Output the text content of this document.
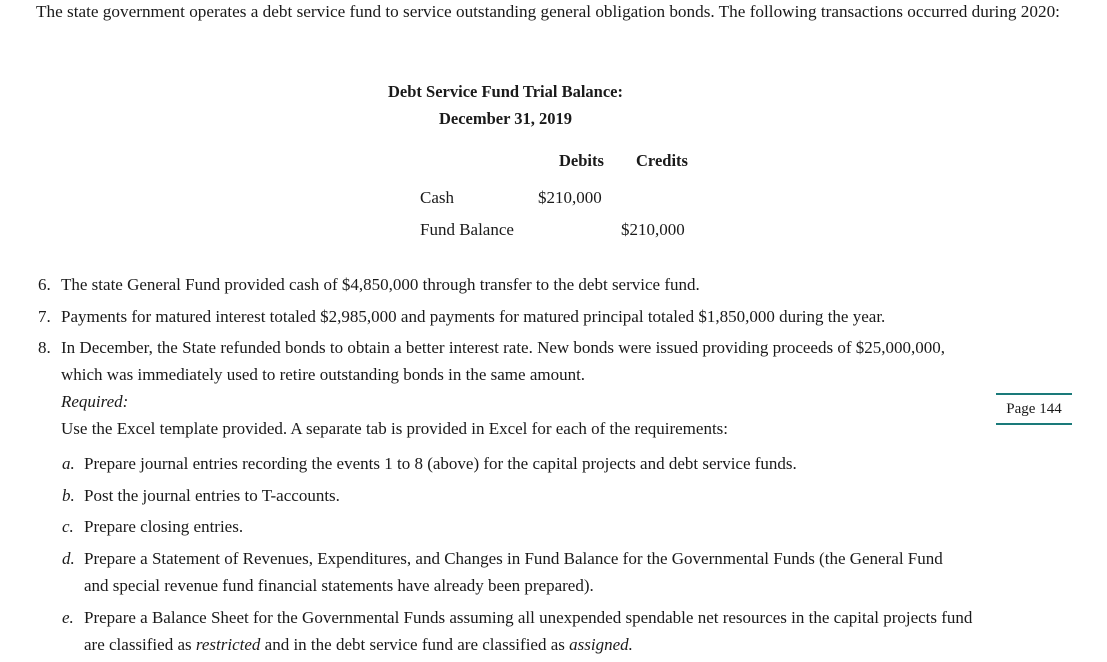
The state government operates a debt service fund to service outstanding general obligation bonds. The following transactions occurred during 2020:
Debt Service Fund Trial Balance:
December 31, 2019
Debits Credits
Cash	$210,000
Fund Balance	$210,000
6. The state General Fund provided cash of $4,850,000 through transfer to the debt service fund.
7. Payments for matured interest totaled $2,985,000 and payments for matured principal totaled $1,850,000 during the year.
8. In December, the State refunded bonds to obtain a better interest rate. New bonds were issued providing proceeds of $25,000,000,
which was immediately used to retire outstanding bonds in the same amount.
Required:
Use the Excel template provided. A separate tab is provided in Excel for each of the requirements:
Page 144
a. Prepare journal entries recording the events 1 to 8 (above) for the capital projects and debt service funds.
b. Post the journal entries to T-accounts.
c. Prepare closing entries.
d. Prepare a Statement of Revenues, Expenditures, and Changes in Fund Balance for the Governmental Funds (the General Fund
and special revenue fund financial statements have already been prepared).
e. Prepare a Balance Sheet for the Governmental Funds assuming all unexpended spendable net resources in the capital projects fund
are classified as restricted and in the debt service fund are classified as assigned.
